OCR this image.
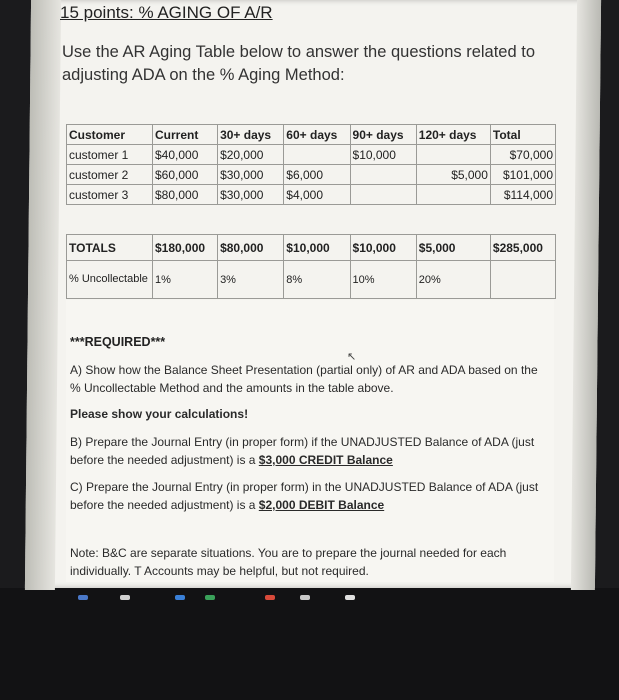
15 points: % AGING OF A/R
Use the AR Aging Table below to answer the questions related to adjusting ADA on the % Aging Method:
Customer	Current	30+ days	60+ days	90+ days	120+ days	Total
customer 1	$40,000	$20,000		$10,000		$70,000
customer 2	$60,000	$30,000	$6,000		$5,000	$101,000
customer 3	$80,000	$30,000	$4,000			$114,000

TOTALS	$180,000	$80,000	$10,000	$10,000	$5,000	$285,000
% Uncollectable	1%	3%	8%	10%	20%	
↖
***REQUIRED***
A) Show how the Balance Sheet Presentation (partial only) of AR and ADA based on the % Uncollectable Method and the amounts in the table above.
Please show your calculations!
B) Prepare the Journal Entry (in proper form) if the UNADJUSTED Balance of ADA (just before the needed adjustment) is a $3,000 CREDIT Balance
C) Prepare the Journal Entry (in proper form) in the UNADJUSTED Balance of ADA (just before the needed adjustment) is a $2,000 DEBIT Balance
Note: B&C are separate situations. You are to prepare the journal needed for each individually. T Accounts may be helpful, but not required.
